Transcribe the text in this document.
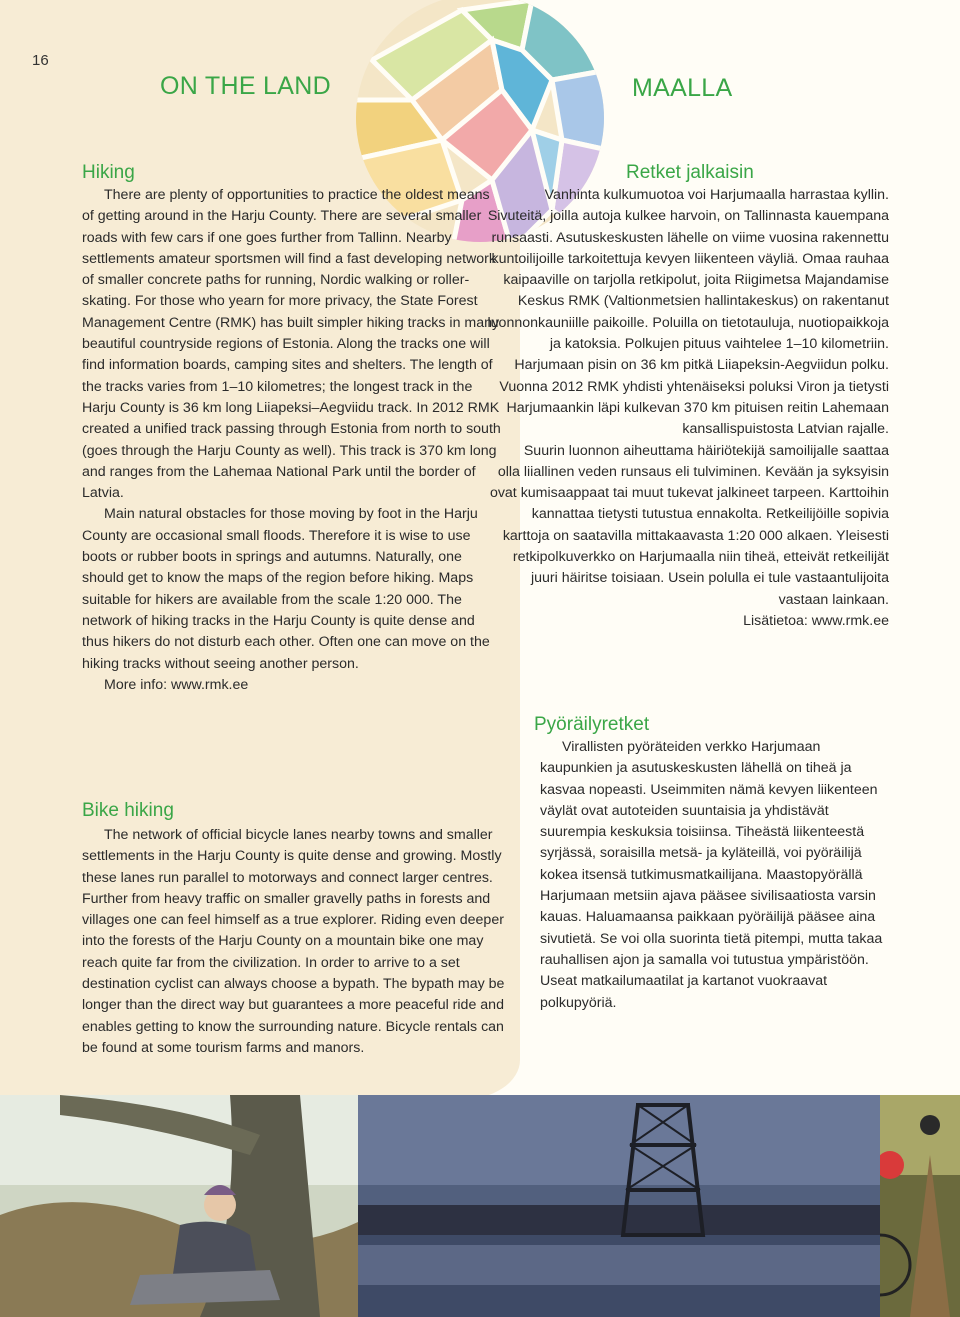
16
ON THE LAND	MAALLA
Hiking

There are plenty of opportunities to practice the oldest means of getting around in the Harju County. There are several smaller roads with few cars if one goes further from Tallinn. Nearby settlements amateur sportsmen will find a fast developing network of smaller concrete paths for running, Nordic walking or roller-skating. For those who yearn for more privacy, the State Forest Management Centre (RMK) has built simpler hiking tracks in many beautiful countryside regions of Estonia. Along the tracks one will find information boards, camping sites and shelters. The length of the tracks varies from 1–10 kilometres; the longest track in the Harju County is 36 km long Liiapeksi–Aegviidu track. In 2012 RMK created a unified track passing through Estonia from north to south (goes through the Harju County as well). This track is 370 km long and ranges from the Lahemaa National Park until the border of Latvia.

Main natural obstacles for those moving by foot in the Harju County are occasional small floods. Therefore it is wise to use boots or rubber boots in springs and autumns. Naturally, one should get to know the maps of the region before hiking. Maps suitable for hikers are available from the scale 1:20 000. The network of hiking tracks in the Harju County is quite dense and thus hikers do not disturb each other. Often one can move on the hiking tracks without seeing another person.

More info: www.rmk.ee

Bike hiking

The network of official bicycle lanes nearby towns and smaller settlements in the Harju County is quite dense and growing. Mostly these lanes run parallel to motorways and connect larger centres. Further from heavy traffic on smaller gravelly paths in forests and villages one can feel himself as a true explorer. Riding even deeper into the forests of the Harju County on a mountain bike one may reach quite far from the civilization. In order to arrive to a set destination cyclist can always choose a bypath. The bypath may be longer than the direct way but guarantees a more peaceful ride and enables getting to know the surrounding nature. Bicycle rentals can be found at some tourism farms and manors.

Retket jalkaisin

Vanhinta kulkumuotoa voi Harjumaalla harrastaa kyllin. Sivuteitä, joilla autoja kulkee harvoin, on Tallinnasta kauempana runsaasti. Asutuskeskusten lähelle on viime vuosina rakennettu kuntoilijoille tarkoitettuja kevyen liikenteen väyliä. Omaa rauhaa kaipaaville on tarjolla retkipolut, joita Riigimetsa Majandamise Keskus RMK (Valtionmetsien hallintakeskus) on rakentanut luonnonkauniille paikoille. Poluilla on tietotauluja, nuotiopaikkoja ja katoksia. Polkujen pituus vaihtelee 1–10 kilometriin. Harjumaan pisin on 36 km pitkä Liiapeksin-Aegviidun polku. Vuonna 2012 RMK yhdisti yhtenäiseksi poluksi Viron ja tietysti Harjumaankin läpi kulkevan 370 km pituisen reitin Lahemaan kansallispuistosta Latvian rajalle.

Suurin luonnon aiheuttama häiriötekijä samoilijalle saattaa olla liiallinen veden runsaus eli tulviminen. Kevään ja syksyisin ovat kumisaappaat tai muut tukevat jalkineet tarpeen. Karttoihin kannattaa tietysti tutustua ennakolta. Retkeilijöille sopivia karttoja on saatavilla mittakaavasta 1:20 000 alkaen. Yleisesti retkipolkuverkko on Harjumaalla niin tiheä, etteivät retkeilijät juuri häiritse toisiaan. Usein polulla ei tule vastaantulijoita vastaan lainkaan.

Lisätietoa: www.rmk.ee

Pyöräilyretket

Virallisten pyöräteiden verkko Harjumaan kaupunkien ja asutuskeskusten lähellä on tiheä ja kasvaa nopeasti. Useimmiten nämä kevyen liikenteen väylät ovat autoteiden suuntaisia ja yhdistävät suurempia keskuksia toisiinsa. Tiheästä liikenteestä syrjässä, soraisilla metsä- ja kyläteillä, voi pyöräilijä kokea itsensä tutkimusmatkailijana. Maastopyörällä Harjumaan metsiin ajava pääsee sivilisaatiosta varsin kauas. Haluamaansa paikkaan pyöräilijä pääsee aina sivutietä. Se voi olla suorinta tietä pitempi, mutta takaa rauhallisen ajon ja samalla voi tutustua ympäristöön. Useat matkailumaatilat ja kartanot vuokraavat polkupyöriä.
